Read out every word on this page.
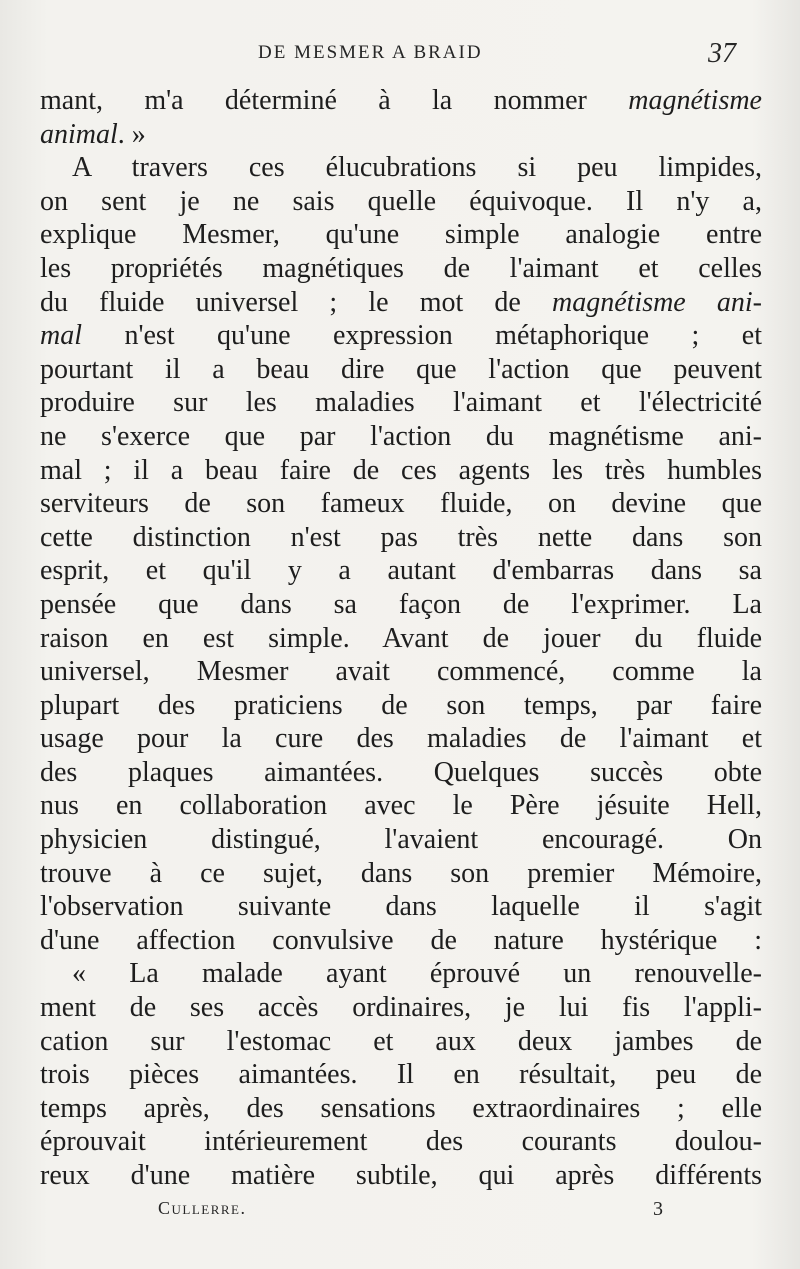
DE MESMER A BRAID	37
mant, m'a déterminé à la nommer magnétisme
animal. »
A travers ces élucubrations si peu limpides,
on sent je ne sais quelle équivoque. Il n'y a,
explique Mesmer, qu'une simple analogie entre
les propriétés magnétiques de l'aimant et celles
du fluide universel ; le mot de magnétisme ani-
mal n'est qu'une expression métaphorique ; et
pourtant il a beau dire que l'action que peuvent
produire sur les maladies l'aimant et l'électricité
ne s'exerce que par l'action du magnétisme ani-
mal ; il a beau faire de ces agents les très humbles
serviteurs de son fameux fluide, on devine que
cette distinction n'est pas très nette dans son
esprit, et qu'il y a autant d'embarras dans sa
pensée que dans sa façon de l'exprimer. La
raison en est simple. Avant de jouer du fluide
universel, Mesmer avait commencé, comme la
plupart des praticiens de son temps, par faire
usage pour la cure des maladies de l'aimant et
des plaques aimantées. Quelques succès obte
nus en collaboration avec le Père jésuite Hell,
physicien distingué, l'avaient encouragé. On
trouve à ce sujet, dans son premier Mémoire,
l'observation suivante dans laquelle il s'agit
d'une affection convulsive de nature hystérique :
« La malade ayant éprouvé un renouvelle-
ment de ses accès ordinaires, je lui fis l'appli-
cation sur l'estomac et aux deux jambes de
trois pièces aimantées. Il en résultait, peu de
temps après, des sensations extraordinaires ; elle
éprouvait intérieurement des courants doulou-
reux d'une matière subtile, qui après différents
Cullerre.	3
